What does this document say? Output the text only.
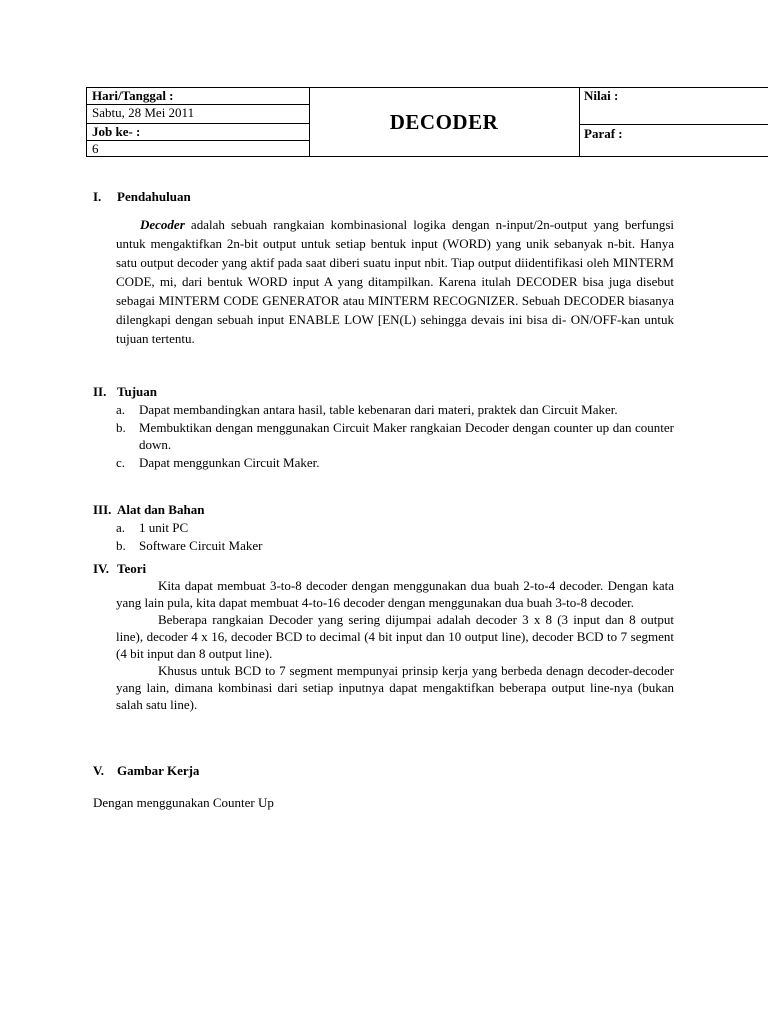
Hari/Tanggal :
Sabtu, 28 Mei 2011
Job ke- :
6
DECODER
Nilai :
Paraf :
I. Pendahuluan
Decoder adalah sebuah rangkaian kombinasional logika dengan n-input/2n-output yang berfungsi untuk mengaktifkan 2n-bit output untuk setiap bentuk input (WORD) yang unik sebanyak n-bit. Hanya satu output decoder yang aktif pada saat diberi suatu input nbit. Tiap output diidentifikasi oleh MINTERM CODE, mi, dari bentuk WORD input A yang ditampilkan. Karena itulah DECODER bisa juga disebut sebagai MINTERM CODE GENERATOR atau MINTERM RECOGNIZER. Sebuah DECODER biasanya dilengkapi dengan sebuah input ENABLE LOW [EN(L) sehingga devais ini bisa di- ON/OFF-kan untuk tujuan tertentu.
II. Tujuan
a. Dapat membandingkan antara hasil, table kebenaran dari materi, praktek dan Circuit Maker.
b. Membuktikan dengan menggunakan Circuit Maker rangkaian Decoder dengan counter up dan counter down.
c. Dapat menggunkan Circuit Maker.
III. Alat dan Bahan
a. 1 unit PC
b. Software Circuit Maker
IV. Teori

Kita dapat membuat 3-to-8 decoder dengan menggunakan dua buah 2-to-4 decoder. Dengan kata yang lain pula, kita dapat membuat 4-to-16 decoder dengan menggunakan dua buah 3-to-8 decoder.

Beberapa rangkaian Decoder yang sering dijumpai adalah decoder 3 x 8 (3 input dan 8 output line), decoder 4 x 16, decoder BCD to decimal (4 bit input dan 10 output line), decoder BCD to 7 segment (4 bit input dan 8 output line).

Khusus untuk BCD to 7 segment mempunyai prinsip kerja yang berbeda denagn decoder-decoder yang lain, dimana kombinasi dari setiap inputnya dapat mengaktifkan beberapa output line-nya (bukan salah satu line).

V. Gambar Kerja
Dengan menggunakan Counter Up
